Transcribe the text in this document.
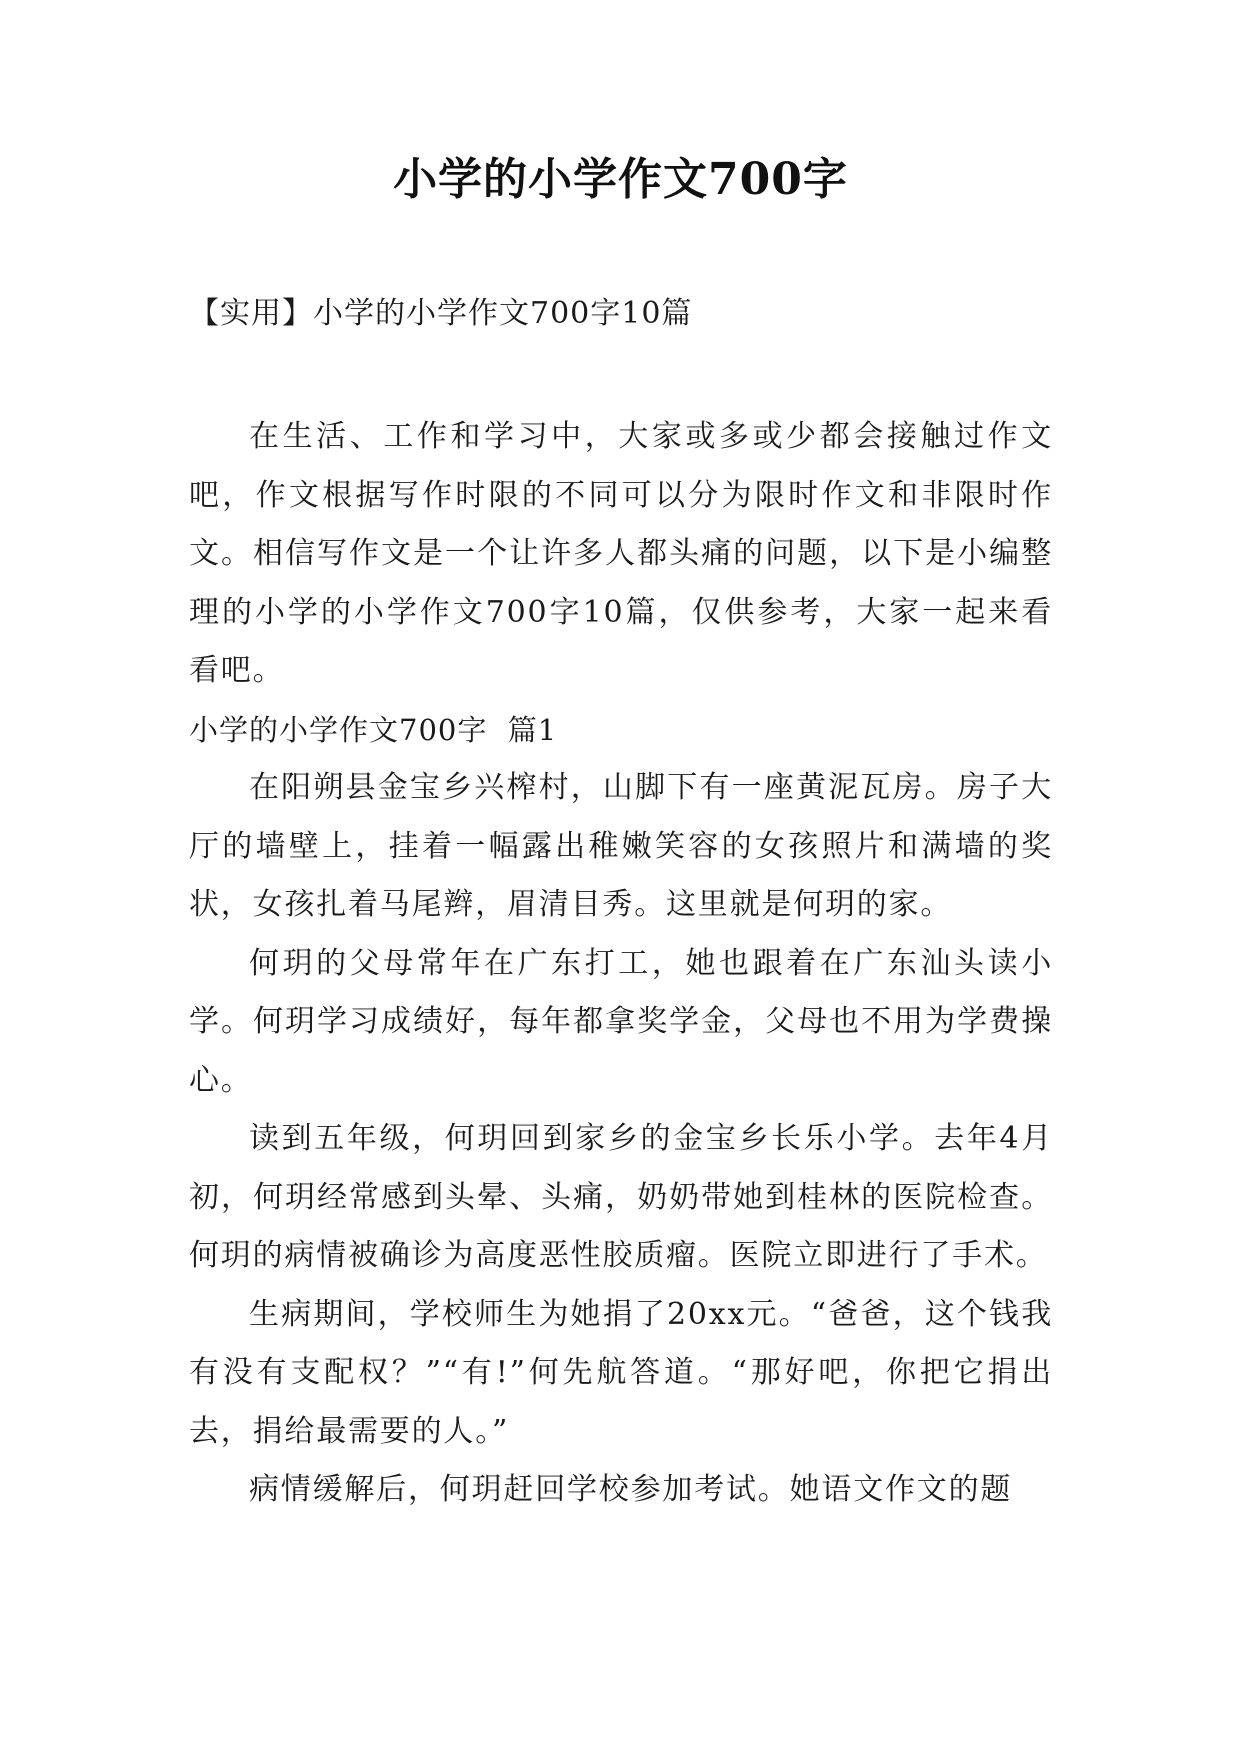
小学的小学作文700字
【实用】小学的小学作文700字10篇

在生活、工作和学习中，大家或多或少都会接触过作文吧，作文根据写作时限的不同可以分为限时作文和非限时作文。相信写作文是一个让许多人都头痛的问题，以下是小编整理的小学的小学作文700字10篇，仅供参考，大家一起来看看吧。

小学的小学作文700字  篇1

在阳朔县金宝乡兴榨村，山脚下有一座黄泥瓦房。房子大厅的墙壁上，挂着一幅露出稚嫩笑容的女孩照片和满墙的奖状，女孩扎着马尾辫，眉清目秀。这里就是何玥的家。

何玥的父母常年在广东打工，她也跟着在广东汕头读小学。何玥学习成绩好，每年都拿奖学金，父母也不用为学费操心。

读到五年级，何玥回到家乡的金宝乡长乐小学。去年4月初，何玥经常感到头晕、头痛，奶奶带她到桂林的医院检查。何玥的病情被确诊为高度恶性胶质瘤。医院立即进行了手术。

生病期间，学校师生为她捐了20xx元。“爸爸，这个钱我有没有支配权？”“有!”何先航答道。“那好吧，你把它捐出去，捐给最需要的人。”

病情缓解后，何玥赶回学校参加考试。她语文作文的题
